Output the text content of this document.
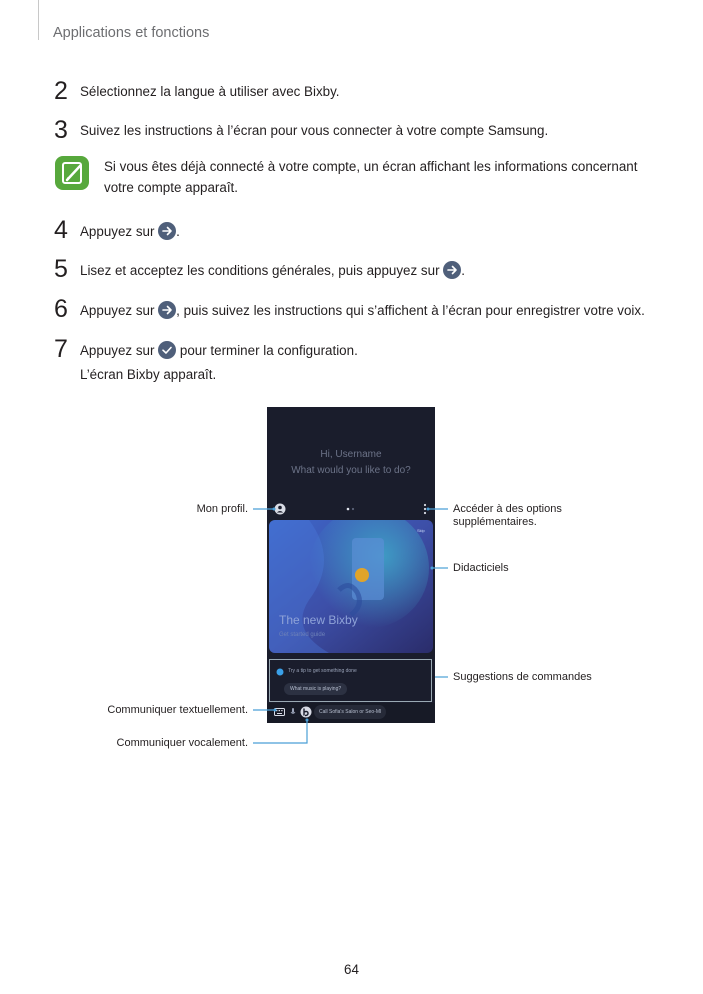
Applications et fonctions
2 Sélectionnez la langue à utiliser avec Bixby.
3 Suivez les instructions à l’écran pour vous connecter à votre compte Samsung.
Si vous êtes déjà connecté à votre compte, un écran affichant les informations concernant votre compte apparaît.
4 Appuyez sur .
5 Lisez et acceptez les conditions générales, puis appuyez sur .
6 Appuyez sur , puis suivez les instructions qui s’affichent à l’écran pour enregistrer votre voix.
7 Appuyez sur pour terminer la configuration.
L’écran Bixby apparaît.
Hi, Username
What would you like to do?
Skip
The new Bixby
Get started guide
Try a tip to get something done
What music is playing?
Call Sofia's Salon or Seo-MI
Mon profil.	Accéder à des options supplémentaires.
Didacticiels
Suggestions de commandes
Communiquer textuellement.
Communiquer vocalement.
64
